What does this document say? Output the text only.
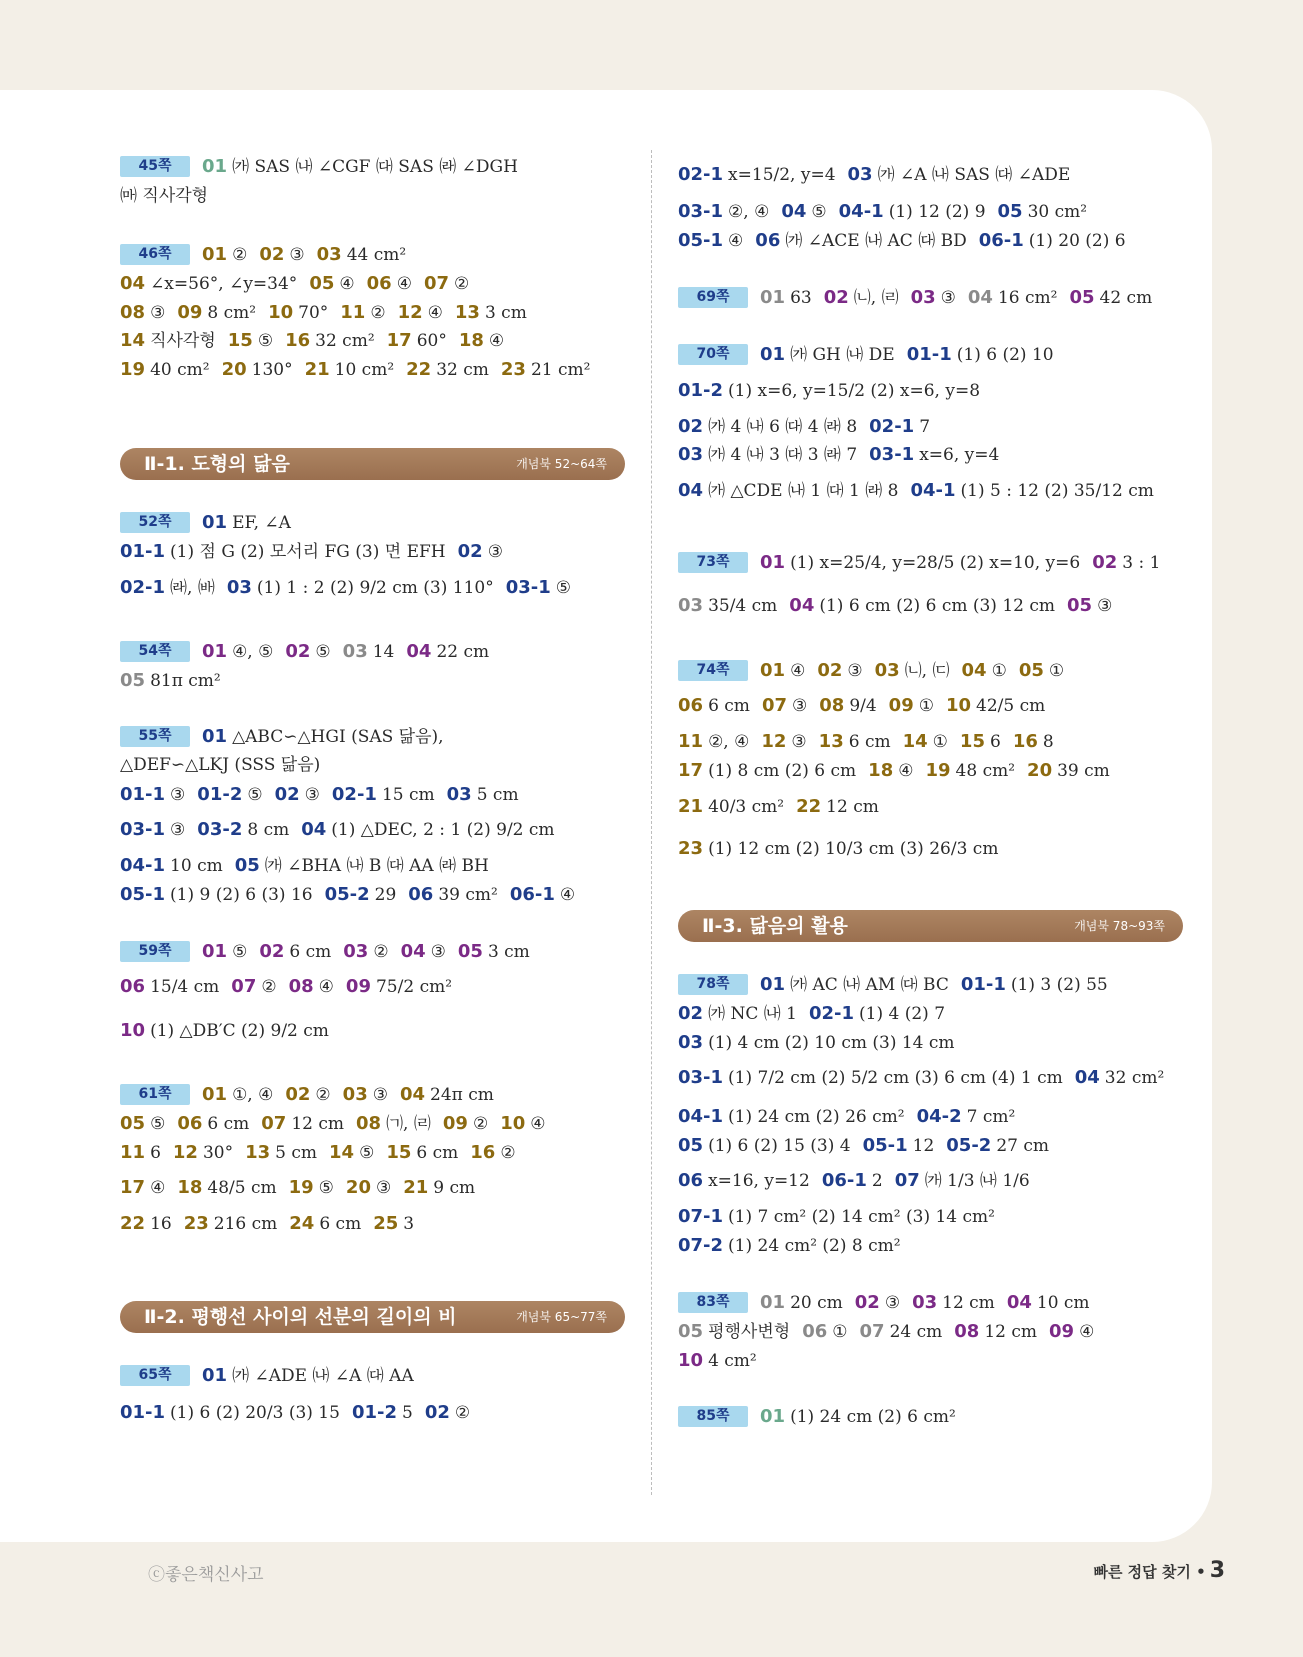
Ⅱ-1. 도형의 닮음	개념북 52~64쪽
Ⅱ-2. 평행선 사이의 선분의 길이의 비	개념북 65~77쪽
Ⅱ-3. 닮음의 활용	개념북 78~93쪽
45쪽 01 ㈎ SAS ㈏ ∠CGF ㈐ SAS ㈑ ∠DGH
㈒ 직사각형
46쪽 01 ② 02 ③ 03 44 cm²
04 ∠x=56°, ∠y=34° 05 ④ 06 ④ 07 ②
08 ③ 09 8 cm² 10 70° 11 ② 12 ④ 13 3 cm
14 직사각형 15 ⑤ 16 32 cm² 17 60° 18 ④
19 40 cm² 20 130° 21 10 cm² 22 32 cm 23 21 cm²
52쪽 01 EF, ∠A
01-1 (1) 점 G (2) 모서리 FG (3) 면 EFH 02 ③
02-1 ㈑, ㈓ 03 (1) 1 : 2 (2) 9/2 cm (3) 110° 03-1 ⑤
54쪽 01 ④, ⑤ 02 ⑤ 03 14 04 22 cm
05 81π cm²
55쪽 01 △ABC∽△HGI (SAS 닮음),
△DEF∽△LKJ (SSS 닮음)
01-1 ③ 01-2 ⑤ 02 ③ 02-1 15 cm 03 5 cm
03-1 ③ 03-2 8 cm 04 (1) △DEC, 2 : 1 (2) 9/2 cm
04-1 10 cm 05 ㈎ ∠BHA ㈏ B ㈐ AA ㈑ BH
05-1 (1) 9 (2) 6 (3) 16 05-2 29 06 39 cm² 06-1 ④
59쪽 01 ⑤ 02 6 cm 03 ② 04 ③ 05 3 cm
06 15/4 cm 07 ② 08 ④ 09 75/2 cm²
10 (1) △DB′C (2) 9/2 cm
61쪽 01 ①, ④ 02 ② 03 ③ 04 24π cm
05 ⑤ 06 6 cm 07 12 cm 08 ㈀, ㈃ 09 ② 10 ④
11 6 12 30° 13 5 cm 14 ⑤ 15 6 cm 16 ②
17 ④ 18 48/5 cm 19 ⑤ 20 ③ 21 9 cm
22 16 23 216 cm 24 6 cm 25 3
65쪽 01 ㈎ ∠ADE ㈏ ∠A ㈐ AA
01-1 (1) 6 (2) 20/3 (3) 15 01-2 5 02 ②
02-1 x=15/2, y=4 03 ㈎ ∠A ㈏ SAS ㈐ ∠ADE
03-1 ②, ④ 04 ⑤ 04-1 (1) 12 (2) 9 05 30 cm²
05-1 ④ 06 ㈎ ∠ACE ㈏ AC ㈐ BD 06-1 (1) 20 (2) 6
69쪽 01 63 02 ㈁, ㈃ 03 ③ 04 16 cm² 05 42 cm
70쪽 01 ㈎ GH ㈏ DE 01-1 (1) 6 (2) 10
01-2 (1) x=6, y=15/2 (2) x=6, y=8
02 ㈎ 4 ㈏ 6 ㈐ 4 ㈑ 8 02-1 7
03 ㈎ 4 ㈏ 3 ㈐ 3 ㈑ 7 03-1 x=6, y=4
04 ㈎ △CDE ㈏ 1 ㈐ 1 ㈑ 8 04-1 (1) 5 : 12 (2) 35/12 cm
73쪽 01 (1) x=25/4, y=28/5 (2) x=10, y=6 02 3 : 1
03 35/4 cm 04 (1) 6 cm (2) 6 cm (3) 12 cm 05 ③
74쪽 01 ④ 02 ③ 03 ㈁, ㈂ 04 ① 05 ①
06 6 cm 07 ③ 08 9/4 09 ① 10 42/5 cm
11 ②, ④ 12 ③ 13 6 cm 14 ① 15 6 16 8
17 (1) 8 cm (2) 6 cm 18 ④ 19 48 cm² 20 39 cm
21 40/3 cm² 22 12 cm
23 (1) 12 cm (2) 10/3 cm (3) 26/3 cm
78쪽 01 ㈎ AC ㈏ AM ㈐ BC 01-1 (1) 3 (2) 55
02 ㈎ NC ㈏ 1 02-1 (1) 4 (2) 7
03 (1) 4 cm (2) 10 cm (3) 14 cm
03-1 (1) 7/2 cm (2) 5/2 cm (3) 6 cm (4) 1 cm 04 32 cm²
04-1 (1) 24 cm (2) 26 cm² 04-2 7 cm²
05 (1) 6 (2) 15 (3) 4 05-1 12 05-2 27 cm
06 x=16, y=12 06-1 2 07 ㈎ 1/3 ㈏ 1/6
07-1 (1) 7 cm² (2) 14 cm² (3) 14 cm²
07-2 (1) 24 cm² (2) 8 cm²
83쪽 01 20 cm 02 ③ 03 12 cm 04 10 cm
05 평행사변형 06 ① 07 24 cm 08 12 cm 09 ④
10 4 cm²
85쪽 01 (1) 24 cm (2) 6 cm²
ⓒ좋은책신사고	빠른 정답 찾기 • 3
